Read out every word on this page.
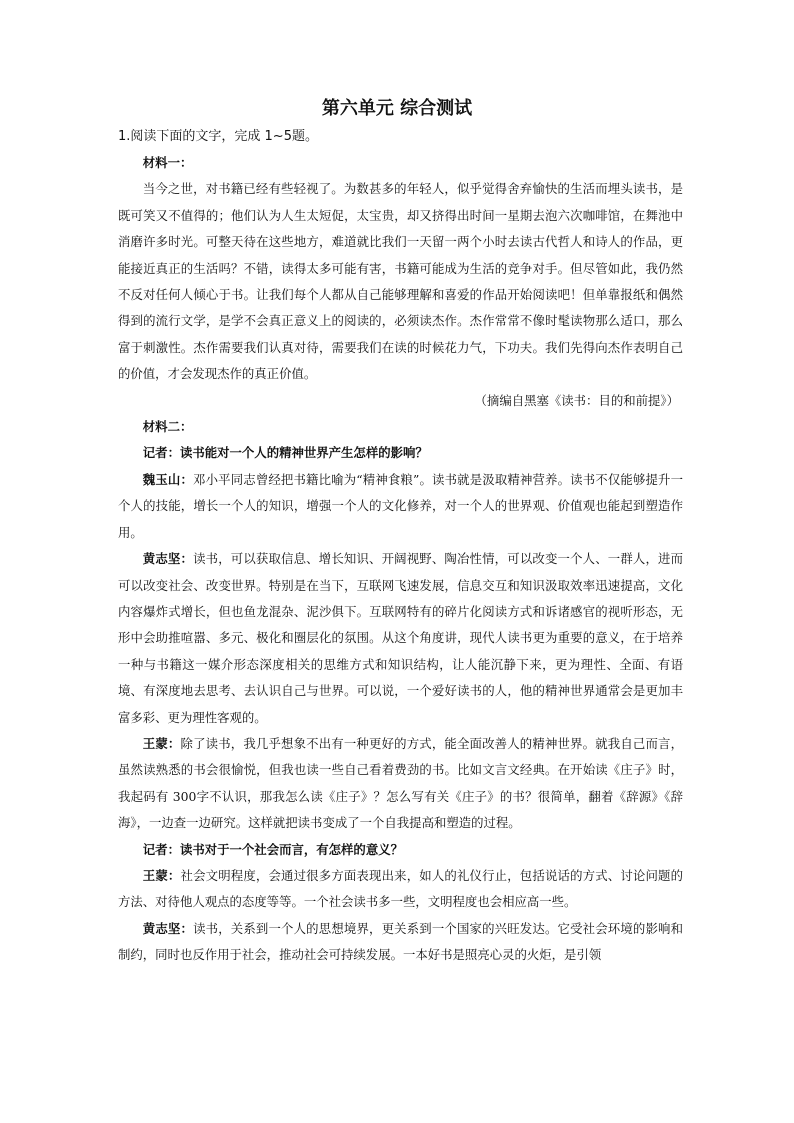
第六单元 综合测试
1.阅读下面的文字，完成 1~5题。

材料一：

当今之世，对书籍已经有些轻视了。为数甚多的年轻人，似乎觉得舍弃愉快的生活而埋头读书，是既可笑又不值得的；他们认为人生太短促，太宝贵，却又挤得出时间一星期去泡六次咖啡馆，在舞池中消磨许多时光。可整天待在这些地方，难道就比我们一天留一两个小时去读古代哲人和诗人的作品，更能接近真正的生活吗？不错，读得太多可能有害，书籍可能成为生活的竞争对手。但尽管如此，我仍然不反对任何人倾心于书。让我们每个人都从自己能够理解和喜爱的作品开始阅读吧！但单靠报纸和偶然得到的流行文学，是学不会真正意义上的阅读的，必须读杰作。杰作常常不像时髦读物那么适口，那么富于刺激性。杰作需要我们认真对待，需要我们在读的时候花力气，下功夫。我们先得向杰作表明自己的价值，才会发现杰作的真正价值。

（摘编自黑塞《读书：目的和前提》）

材料二：

记者：读书能对一个人的精神世界产生怎样的影响？

魏玉山：邓小平同志曾经把书籍比喻为“精神食粮”。读书就是汲取精神营养。读书不仅能够提升一个人的技能，增长一个人的知识，增强一个人的文化修养，对一个人的世界观、价值观也能起到塑造作用。

黄志坚：读书，可以获取信息、增长知识、开阔视野、陶冶性情，可以改变一个人、一群人，进而可以改变社会、改变世界。特别是在当下，互联网飞速发展，信息交互和知识汲取效率迅速提高，文化内容爆炸式增长，但也鱼龙混杂、泥沙俱下。互联网特有的碎片化阅读方式和诉诸感官的视听形态，无形中会助推喧嚣、多元、极化和圈层化的氛围。从这个角度讲，现代人读书更为重要的意义，在于培养一种与书籍这一媒介形态深度相关的思维方式和知识结构，让人能沉静下来，更为理性、全面、有语境、有深度地去思考、去认识自己与世界。可以说，一个爱好读书的人，他的精神世界通常会是更加丰富多彩、更为理性客观的。

王蒙：除了读书，我几乎想象不出有一种更好的方式，能全面改善人的精神世界。就我自己而言，虽然读熟悉的书会很愉悦，但我也读一些自己看着费劲的书。比如文言文经典。在开始读《庄子》时，我起码有 300字不认识，那我怎么读《庄子》？怎么写有关《庄子》的书？很简单，翻着《辞源》《辞海》，一边查一边研究。这样就把读书变成了一个自我提高和塑造的过程。

记者：读书对于一个社会而言，有怎样的意义？

王蒙：社会文明程度，会通过很多方面表现出来，如人的礼仪行止，包括说话的方式、讨论问题的方法、对待他人观点的态度等等。一个社会读书多一些，文明程度也会相应高一些。

黄志坚：读书，关系到一个人的思想境界，更关系到一个国家的兴旺发达。它受社会环境的影响和制约，同时也反作用于社会，推动社会可持续发展。一本好书是照亮心灵的火炬，是引领
